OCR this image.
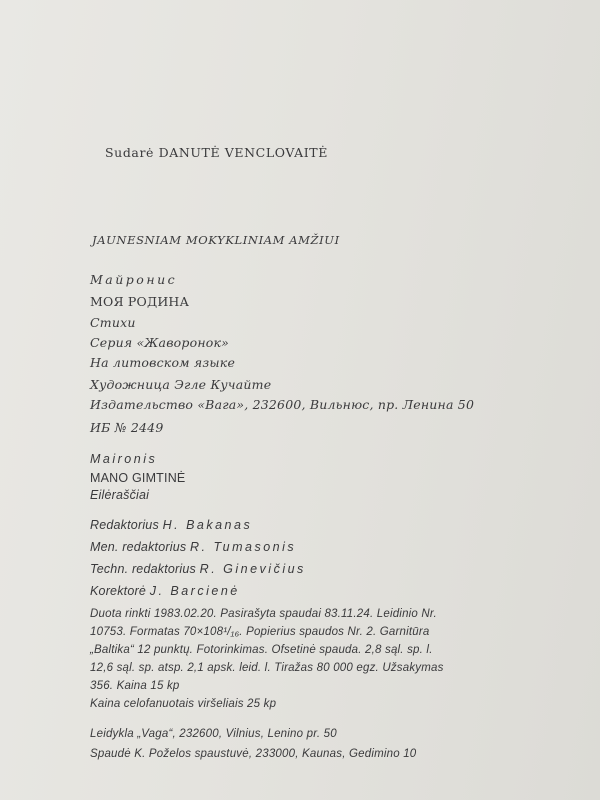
Sudarė DANUTĖ VENCLOVAITĖ
JAUNESNIAM MOKYKLINIAM AMŽIUI
Майронис
МОЯ РОДИНА
Стихи
Серия «Жаворонок»
На литовском языке
Художница Эгле Кучайте
Издательство «Вага», 232600, Вильнюс, пр. Ленина 50
ИБ № 2449
Maironis
MANO GIMTINĖ
Eilėraščiai
Redaktorius H. Bakanas
Men. redaktorius R. Tumasonis
Techn. redaktorius R. Ginevičius
Korektorė J. Barcienė
Duota rinkti 1983.02.20. Pasirašyta spaudai 83.11.24. Leidinio Nr.
10753. Formatas 70×108¹/₁₆. Popierius spaudos Nr. 2. Garnitūra
„Baltika“ 12 punktų. Fotorinkimas. Ofsetinė spauda. 2,8 sąl. sp. l.
12,6 sąl. sp. atsp. 2,1 apsk. leid. l. Tiražas 80 000 egz. Užsakymas
356. Kaina 15 kp
Kaina celofanuotais viršeliais 25 kp
Leidykla „Vaga“, 232600, Vilnius, Lenino pr. 50
Spaudė K. Poželos spaustuvė, 233000, Kaunas, Gedimino 10
